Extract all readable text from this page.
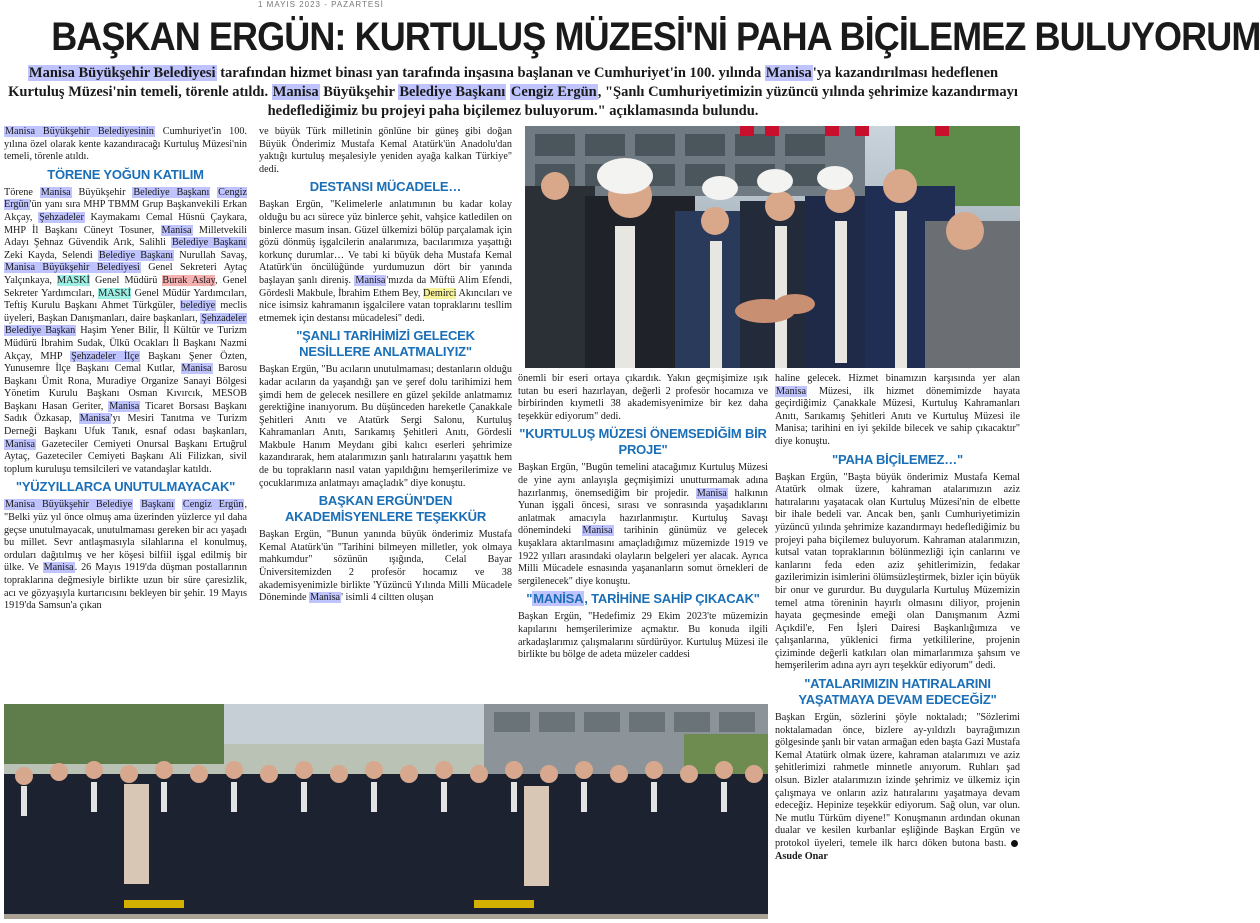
1 MAYIS 2023 - PAZARTESİ
BAŞKAN ERGÜN: KURTULUŞ MÜZESİ'Nİ PAHA BİÇİLEMEZ BULUYORUM
Manisa Büyükşehir Belediyesi tarafından hizmet binası yan tarafında inşasına başlanan ve Cumhuriyet'in 100. yılında Manisa'ya kazandırılması hedeflenen Kurtuluş Müzesi'nin temeli, törenle atıldı. Manisa Büyükşehir Belediye Başkanı Cengiz Ergün, "Şanlı Cumhuriyetimizin yüzüncü yılında şehrimize kazandırmayı hedeflediğimiz bu projeyi paha biçilemez buluyorum." açıklamasında bulundu.

Manisa Büyükşehir Belediyesinin Cumhuriyet'in 100. yılına özel olarak kente kazandıracağı Kurtuluş Müzesi'nin temeli, törenle atıldı.

TÖRENE YOĞUN KATILIM

Törene Manisa Büyükşehir Belediye Başkanı Cengiz Ergün'ün yanı sıra MHP TBMM Grup Başkanvekili Erkan Akçay, Şehzadeler Kaymakamı Cemal Hüsnü Çaykara, MHP İl Başkanı Cüneyt Tosuner, Manisa Milletvekili Adayı Şehnaz Güvendik Arık, Salihli Belediye Başkanı Zeki Kayda, Selendi Belediye Başkanı Nurullah Savaş, Manisa Büyükşehir Belediyesi Genel Sekreteri Aytaç Yalçınkaya, MASKİ Genel Müdürü Burak Aslay, Genel Sekreter Yardımcıları, MASKİ Genel Müdür Yardımcıları, Teftiş Kurulu Başkanı Ahmet Türkgüler, belediye meclis üyeleri, Başkan Danışmanları, daire başkanları, Şehzadeler Belediye Başkan Haşim Yener Bilir, İl Kültür ve Turizm Müdürü İbrahim Sudak, Ülkü Ocakları İl Başkanı Nazmi Akçay, MHP Şehzadeler İlçe Başkanı Şener Özten, Yunusemre İlçe Başkanı Cemal Kutlar, Manisa Barosu Başkanı Ümit Rona, Muradiye Organize Sanayi Bölgesi Yönetim Kurulu Başkanı Osman Kıvırcık, MESOB Başkanı Hasan Geriter, Manisa Ticaret Borsası Başkanı Sadık Özkasap, Manisa'yı Mesiri Tanıtma ve Turizm Derneği Başkanı Ufuk Tanık, esnaf odası başkanları, Manisa Gazeteciler Cemiyeti Onursal Başkanı Ertuğrul Aytaç, Gazeteciler Cemiyeti Başkanı Ali Filizkan, sivil toplum kuruluşu temsilcileri ve vatandaşlar katıldı.

"YÜZYILLARCA UNUTULMAYACAK"

Manisa Büyükşehir Belediye Başkanı Cengiz Ergün, "Belki yüz yıl önce olmuş ama üzerinden yüzlerce yıl daha geçse unutulmayacak, unutulmaması gereken bir acı yaşadı bu millet. Sevr antlaşmasıyla silahlarına el konulmuş, orduları dağıtılmış ve her köşesi bilfiil işgal edilmiş bir ülke. Ve Manisa. 26 Mayıs 1919'da düşman postallarının topraklarına değmesiyle birlikte uzun bir süre çaresizlik, acı ve gözyaşıyla kurtarıcısını bekleyen bir şehir. 19 Mayıs 1919'da Samsun'a çıkan

ve büyük Türk milletinin gönlüne bir güneş gibi doğan Büyük Önderimiz Mustafa Kemal Atatürk'ün Anadolu'dan yaktığı kurtuluş meşalesiyle yeniden ayağa kalkan Türkiye" dedi.

DESTANSI MÜCADELE…

Başkan Ergün, "Kelimelerle anlatımının bu kadar kolay olduğu bu acı sürece yüz binlerce şehit, vahşice katledilen on binlerce masum insan. Güzel ülkemizi bölüp parçalamak için gözü dönmüş işgalcilerin analarımıza, bacılarımıza yaşattığı korkunç durumlar… Ve tabi ki büyük deha Mustafa Kemal Atatürk'ün öncülüğünde yurdumuzun dört bir yanında başlayan şanlı direniş. Manisa'mızda da Müftü Alim Efendi, Gördesli Makbule, İbrahim Ethem Bey, Demirci Akıncıları ve nice isimsiz kahramanın işgalcilere vatan topraklarını tesllim etmemek için destansı mücadelesi" dedi.

"ŞANLI TARİHİMİZİ GELECEK NESİLLERE ANLATMALIYIZ"

Başkan Ergün, "Bu acıların unutulmaması; destanların olduğu kadar acıların da yaşandığı şan ve şeref dolu tarihimizi hem şimdi hem de gelecek nesillere en güzel şekilde anlatmamız gerektiğine inanıyorum. Bu düşünceden hareketle Çanakkale Şehitleri Anıtı ve Atatürk Sergi Salonu, Kurtuluş Kahramanları Anıtı, Sarıkamış Şehitleri Anıtı, Gördesli Makbule Hanım Meydanı gibi kalıcı eserleri şehrimize kazandırarak, hem atalarımızın şanlı hatıralarını yaşattık hem de bu toprakların nasıl vatan yapıldığını hemşerilerimize ve çocuklarımıza anlatmayı amaçladık" diye konuştu.

BAŞKAN ERGÜN'DEN AKADEMİSYENLERE TEŞEKKÜR

Başkan Ergün, "Bunun yanında büyük önderimiz Mustafa Kemal Atatürk'ün "Tarihini bilmeyen milletler, yok olmaya mahkumdur" sözünün ışığında, Celal Bayar Üniversitemizden 2 profesör hocamız ve 38 akademisyenimizle birlikte 'Yüzüncü Yılında Milli Mücadele Döneminde Manisa' isimli 4 ciltten oluşan

önemli bir eseri ortaya çıkardık. Yakın geçmişimize ışık tutan bu eseri hazırlayan, değerli 2 profesör hocamıza ve birbirinden kıymetli 38 akademisyenimize bir kez daha teşekkür ediyorum" dedi.

"KURTULUŞ MÜZESİ ÖNEMSEDİĞİM BİR PROJE"

Başkan Ergün, "Bugün temelini atacağımız Kurtuluş Müzesi de yine aynı anlayışla geçmişimizi unutturmamak adına hazırlanmış, önemsediğim bir projedir. Manisa halkının Yunan işgali öncesi, sırası ve sonrasında yaşadıklarını anlatmak amacıyla hazırlanmıştır. Kurtuluş Savaşı dönemindeki Manisa tarihinin günümüz ve gelecek kuşaklara aktarılmasını amaçladığımız müzemizde 1919 ve 1922 yılları arasındaki olayların belgeleri yer alacak. Ayrıca Milli Mücadele esnasında yaşananların somut örnekleri de sergilenecek" diye konuştu.

"MANİSA, TARİHİNE SAHİP ÇIKACAK"

Başkan Ergün, "Hedefimiz 29 Ekim 2023'te müzemizin kapılarını hemşerilerimize açmaktır. Bu konuda ilgili arkadaşlarımız çalışmalarını sürdürüyor. Kurtuluş Müzesi ile birlikte bu bölge de adeta müzeler caddesi

haline gelecek. Hizmet binamızın karşısında yer alan Manisa Müzesi, ilk hizmet dönemimizde hayata geçirdiğimiz Çanakkale Müzesi, Kurtuluş Kahramanları Anıtı, Sarıkamış Şehitleri Anıtı ve Kurtuluş Müzesi ile Manisa; tarihini en iyi şekilde bilecek ve sahip çıkacaktır" diye konuştu.

"PAHA BİÇİLEMEZ…"

Başkan Ergün, "Başta büyük önderimiz Mustafa Kemal Atatürk olmak üzere, kahraman atalarımızın aziz hatıralarını yaşatacak olan Kurtuluş Müzesi'nin de elbette bir ihale bedeli var. Ancak ben, şanlı Cumhuriyetimizin yüzüncü yılında şehrimize kazandırmayı hedeflediğimiz bu projeyi paha biçilemez buluyorum. Kahraman atalarımızın, kutsal vatan topraklarının bölünmezliği için canlarını ve kanlarını feda eden aziz şehitlerimizin, fedakar gazilerimizin isimlerini ölümsüzleştirmek, bizler için büyük bir onur ve gururdur. Bu duygularla Kurtuluş Müzemizin temel atma töreninin hayırlı olmasını diliyor, projenin hayata geçmesinde emeği olan Danışmanım Azmi Açıkdil'e, Fen İşleri Dairesi Başkanlığımıza ve çalışanlarına, yüklenici firma yetkililerine, projenin çiziminde değerli katkıları olan mimarlarımıza şahsım ve hemşerilerim adına ayrı ayrı teşekkür ediyorum" dedi.

"ATALARIMIZIN HATIRALARINI YAŞATMAYA DEVAM EDECEĞİZ"

Başkan Ergün, sözlerini şöyle noktaladı; "Sözlerimi noktalamadan önce, bizlere ay-yıldızlı bayrağımızın gölgesinde şanlı bir vatan armağan eden başta Gazi Mustafa Kemal Atatürk olmak üzere, kahraman atalarımızı ve aziz şehitlerimizi rahmetle minnetle anıyorum. Ruhları şad olsun. Bizler atalarımızın izinde şehrimiz ve ülkemiz için çalışmaya ve onların aziz hatıralarını yaşatmaya devam edeceğiz. Hepinize teşekkür ediyorum. Sağ olun, var olun. Ne mutlu Türküm diyene!" Konuşmanın ardından okunan dualar ve kesilen kurbanlar eşliğinde Başkan Ergün ve protokol üyeleri, temele ilk harcı döken butona bastı. Asude Onar
